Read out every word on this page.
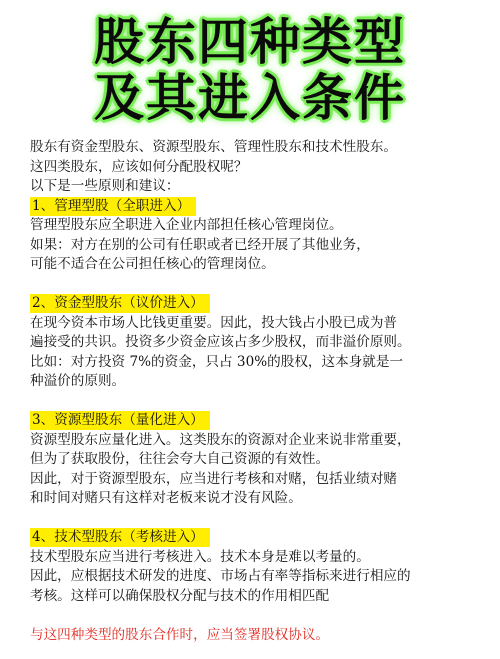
股东四种类型
及其进入条件
股东有资金型股东、资源型股东、管理性股东和技术性股东。
这四类股东，应该如何分配股权呢？
以下是一些原则和建议：
1、管理型股（全职进入）
管理型股东应全职进入企业内部担任核心管理岗位。
如果：对方在别的公司有任职或者已经开展了其他业务，
可能不适合在公司担任核心的管理岗位。
2、资金型股东（议价进入）
在现今资本市场人比钱更重要。因此，投大钱占小股已成为普
遍接受的共识。投资多少资金应该占多少股权，而非溢价原则。
比如：对方投资 7%的资金，只占 30%的股权，这本身就是一
种溢价的原则。
3、资源型股东（量化进入）
资源型股东应量化进入。这类股东的资源对企业来说非常重要，
但为了获取股份，往往会夸大自己资源的有效性。
因此，对于资源型股东，应当进行考核和对赌，包括业绩对赌
和时间对赌只有这样对老板来说才没有风险。
4、技术型股东（考核进入）
技术型股东应当进行考核进入。技术本身是难以考量的。
因此，应根据技术研发的进度、市场占有率等指标来进行相应的
考核。这样可以确保股权分配与技术的作用相匹配
与这四种类型的股东合作时，应当签署股权协议。
